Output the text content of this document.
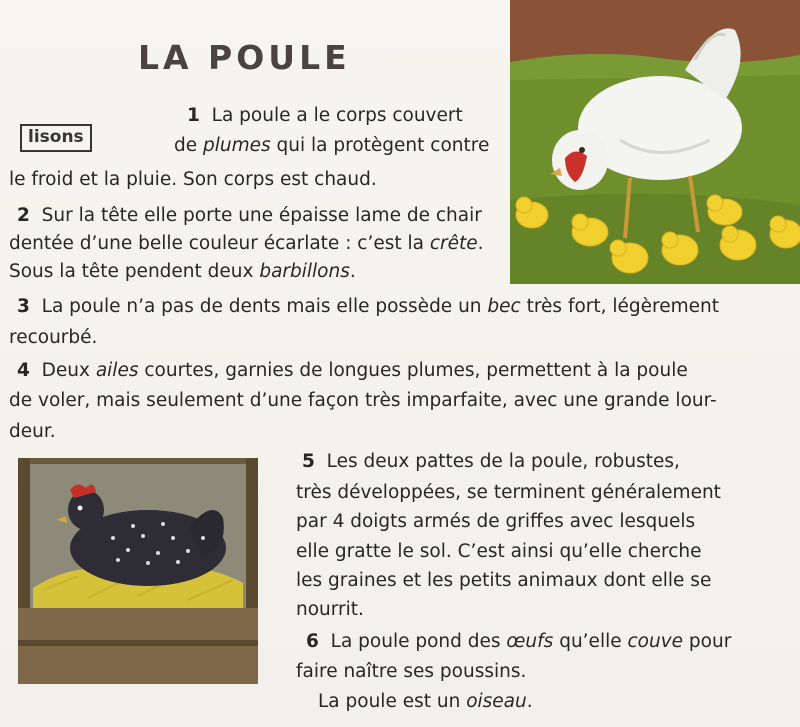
LA POULE
lisons
1 La poule a le corps couvert
de plumes qui la protègent contre
le froid et la pluie. Son corps est chaud.
2 Sur la tête elle porte une épaisse lame de chair
dentée d’une belle couleur écarlate : c’est la crête.
Sous la tête pendent deux barbillons.
3 La poule n’a pas de dents mais elle possède un bec très fort, légèrement
recourbé.
4 Deux ailes courtes, garnies de longues plumes, permettent à la poule
de voler, mais seulement d’une façon très imparfaite, avec une grande lour-
deur.
5 Les deux pattes de la poule, robustes,
très développées, se terminent généralement
par 4 doigts armés de griffes avec lesquels
elle gratte le sol. C’est ainsi qu’elle cherche
les graines et les petits animaux dont elle se
nourrit.
6 La poule pond des œufs qu’elle couve pour
faire naître ses poussins.
La poule est un oiseau.
